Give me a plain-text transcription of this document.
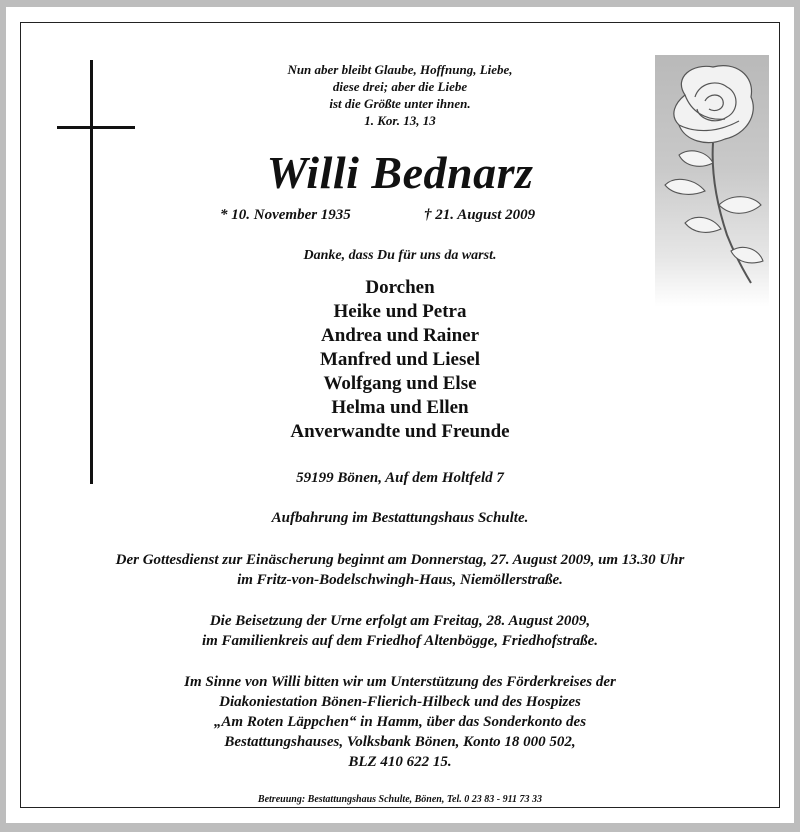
Nun aber bleibt Glaube, Hoffnung, Liebe,
diese drei; aber die Liebe
ist die Größte unter ihnen.
1. Kor. 13, 13
Willi Bednarz
* 10. November 1935	† 21. August 2009
Danke, dass Du für uns da warst.
Dorchen
Heike und Petra
Andrea und Rainer
Manfred und Liesel
Wolfgang und Else
Helma und Ellen
Anverwandte und Freunde
59199 Bönen, Auf dem Holtfeld 7
Aufbahrung im Bestattungshaus Schulte.
Der Gottesdienst zur Einäscherung beginnt am Donnerstag, 27. August 2009, um 13.30 Uhr
im Fritz-von-Bodelschwingh-Haus, Niemöllerstraße.
Die Beisetzung der Urne erfolgt am Freitag, 28. August 2009,
im Familienkreis auf dem Friedhof Altenbögge, Friedhofstraße.
Im Sinne von Willi bitten wir um Unterstützung des Förderkreises der
Diakoniestation Bönen-Flierich-Hilbeck und des Hospizes
„Am Roten Läppchen“ in Hamm, über das Sonderkonto des
Bestattungshauses, Volksbank Bönen, Konto 18 000 502,
BLZ 410 622 15.
Betreuung: Bestattungshaus Schulte, Bönen, Tel. 0 23 83 - 911 73 33
